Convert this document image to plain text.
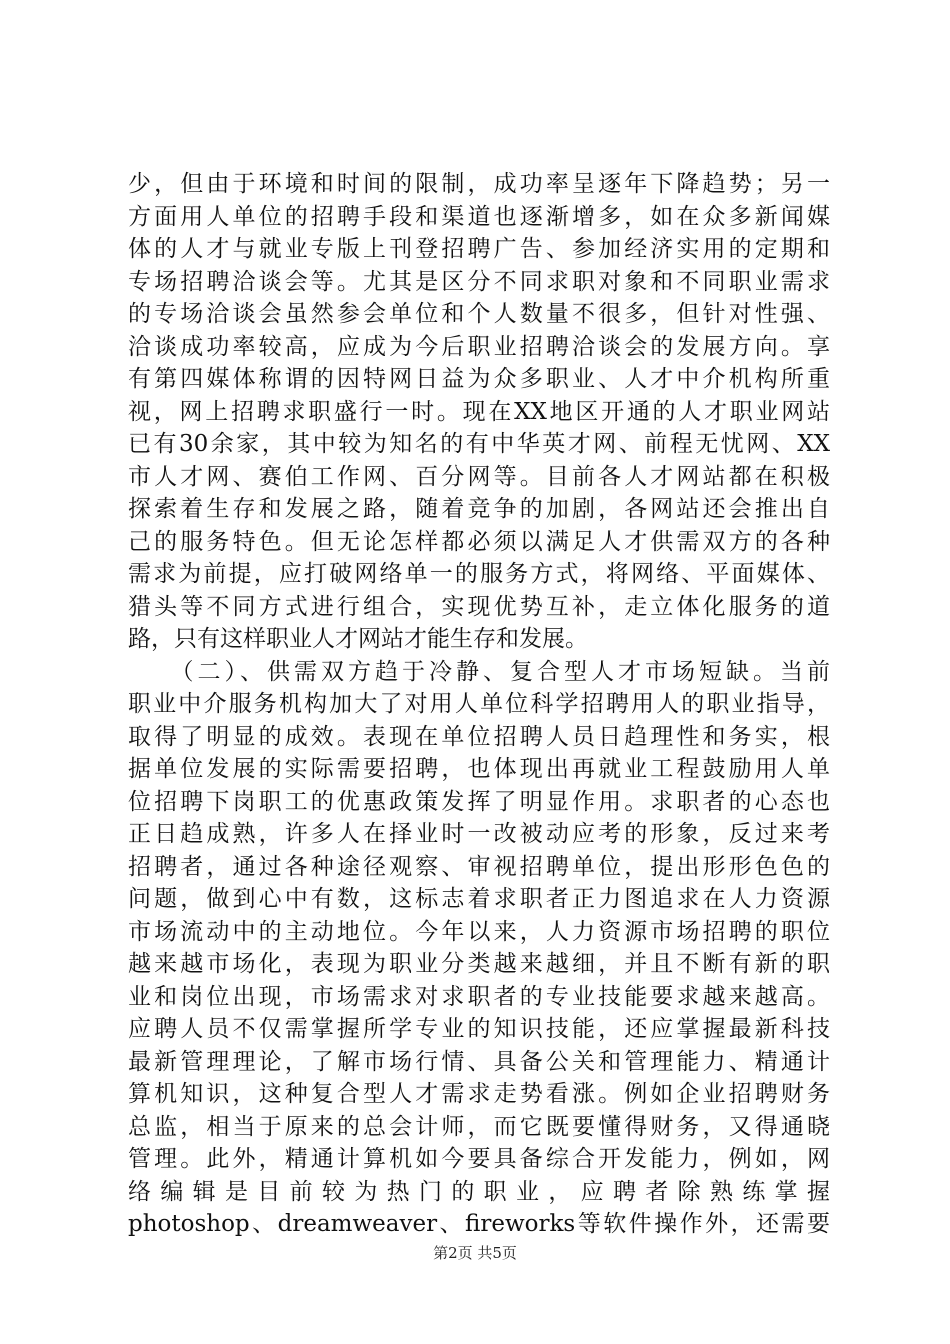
少，但由于环境和时间的限制，成功率呈逐年下降趋势；另一
方面用人单位的招聘手段和渠道也逐渐增多，如在众多新闻媒
体的人才与就业专版上刊登招聘广告、参加经济实用的定期和
专场招聘洽谈会等。尤其是区分不同求职对象和不同职业需求
的专场洽谈会虽然参会单位和个人数量不很多，但针对性强、
洽谈成功率较高，应成为今后职业招聘洽谈会的发展方向。享
有第四媒体称谓的因特网日益为众多职业、人才中介机构所重
视，网上招聘求职盛行一时。现在XX地区开通的人才职业网站
已有30余家，其中较为知名的有中华英才网、前程无忧网、XX
市人才网、赛伯工作网、百分网等。目前各人才网站都在积极
探索着生存和发展之路，随着竞争的加剧，各网站还会推出自
己的服务特色。但无论怎样都必须以满足人才供需双方的各种
需求为前提，应打破网络单一的服务方式，将网络、平面媒体、
猎头等不同方式进行组合，实现优势互补，走立体化服务的道
路，只有这样职业人才网站才能生存和发展。
　　（二）、供需双方趋于冷静、复合型人才市场短缺。当前
职业中介服务机构加大了对用人单位科学招聘用人的职业指导，
取得了明显的成效。表现在单位招聘人员日趋理性和务实，根
据单位发展的实际需要招聘，也体现出再就业工程鼓励用人单
位招聘下岗职工的优惠政策发挥了明显作用。求职者的心态也
正日趋成熟，许多人在择业时一改被动应考的形象，反过来考
招聘者，通过各种途径观察、审视招聘单位，提出形形色色的
问题，做到心中有数，这标志着求职者正力图追求在人力资源
市场流动中的主动地位。今年以来，人力资源市场招聘的职位
越来越市场化，表现为职业分类越来越细，并且不断有新的职
业和岗位出现，市场需求对求职者的专业技能要求越来越高。
应聘人员不仅需掌握所学专业的知识技能，还应掌握最新科技
最新管理理论，了解市场行情、具备公关和管理能力、精通计
算机知识，这种复合型人才需求走势看涨。例如企业招聘财务
总监，相当于原来的总会计师，而它既要懂得财务，又得通晓
管理。此外，精通计算机如今要具备综合开发能力，例如，网
络编辑是目前较为热门的职业，应聘者除熟练掌握
photoshop、dreamweaver、fireworks等软件操作外，还需要
第2页 共5页
